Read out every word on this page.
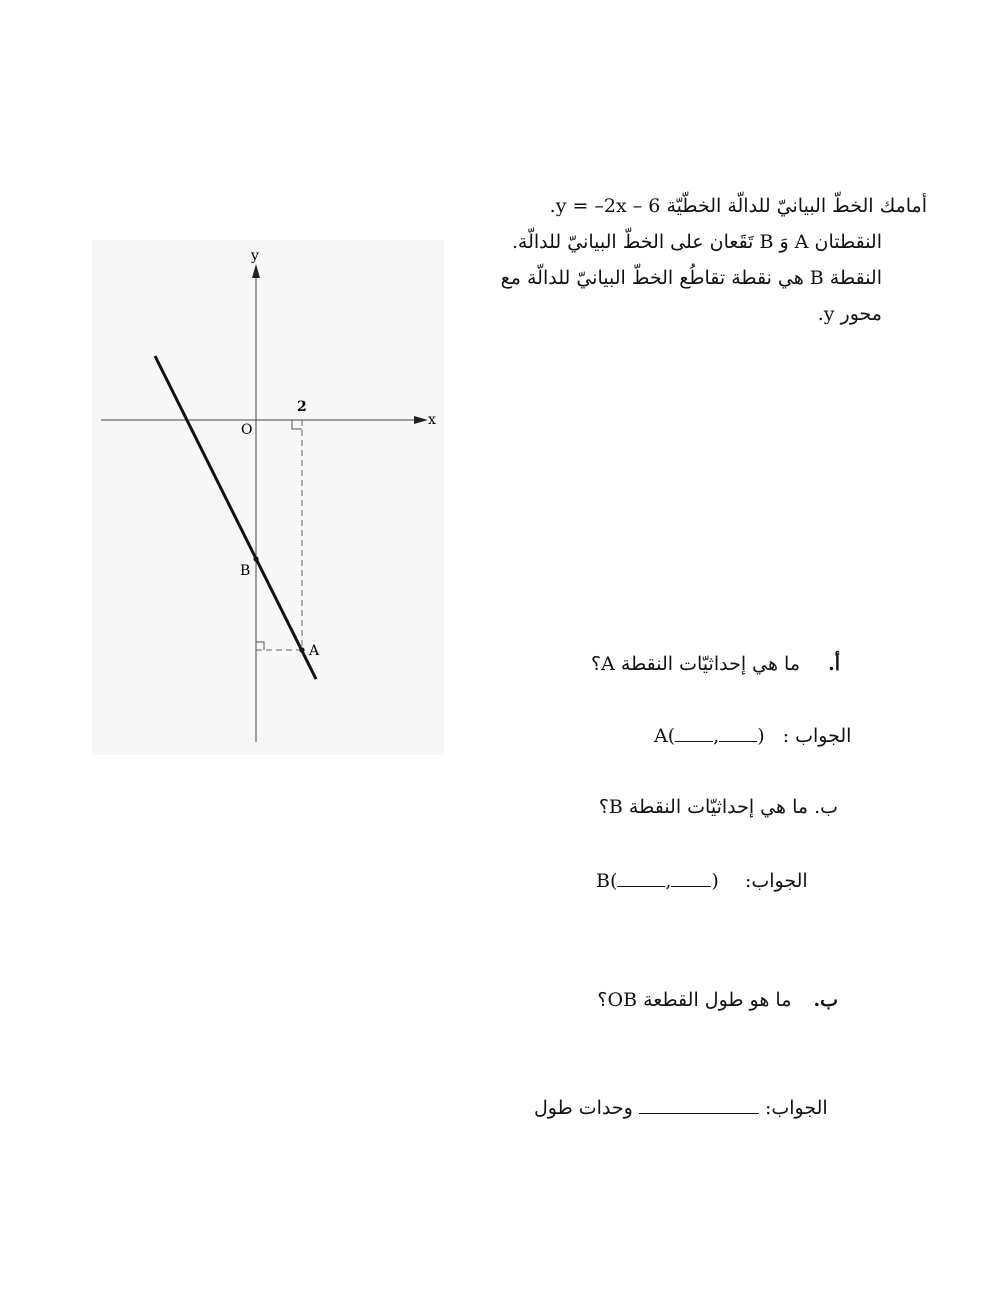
أمامك الخطّ البيانيّ للدالّة الخطّيّة y = –2x – 6.
النقطتان A وَ B تَقَعان على الخطّ البيانيّ للدالّة.
النقطة B هي نقطة تقاطُع الخطّ البيانيّ للدالّة مع
محور y.
y
x
O
2
B
A
أ.  ما هي إحداثيّات النقطة A؟
A( , ) الجواب :
ب. ما هي إحداثيّات النقطة B؟
B(	, ) الجواب:
ب.  ما هو طول القطعة OB؟
وحدات طول	الجواب:
